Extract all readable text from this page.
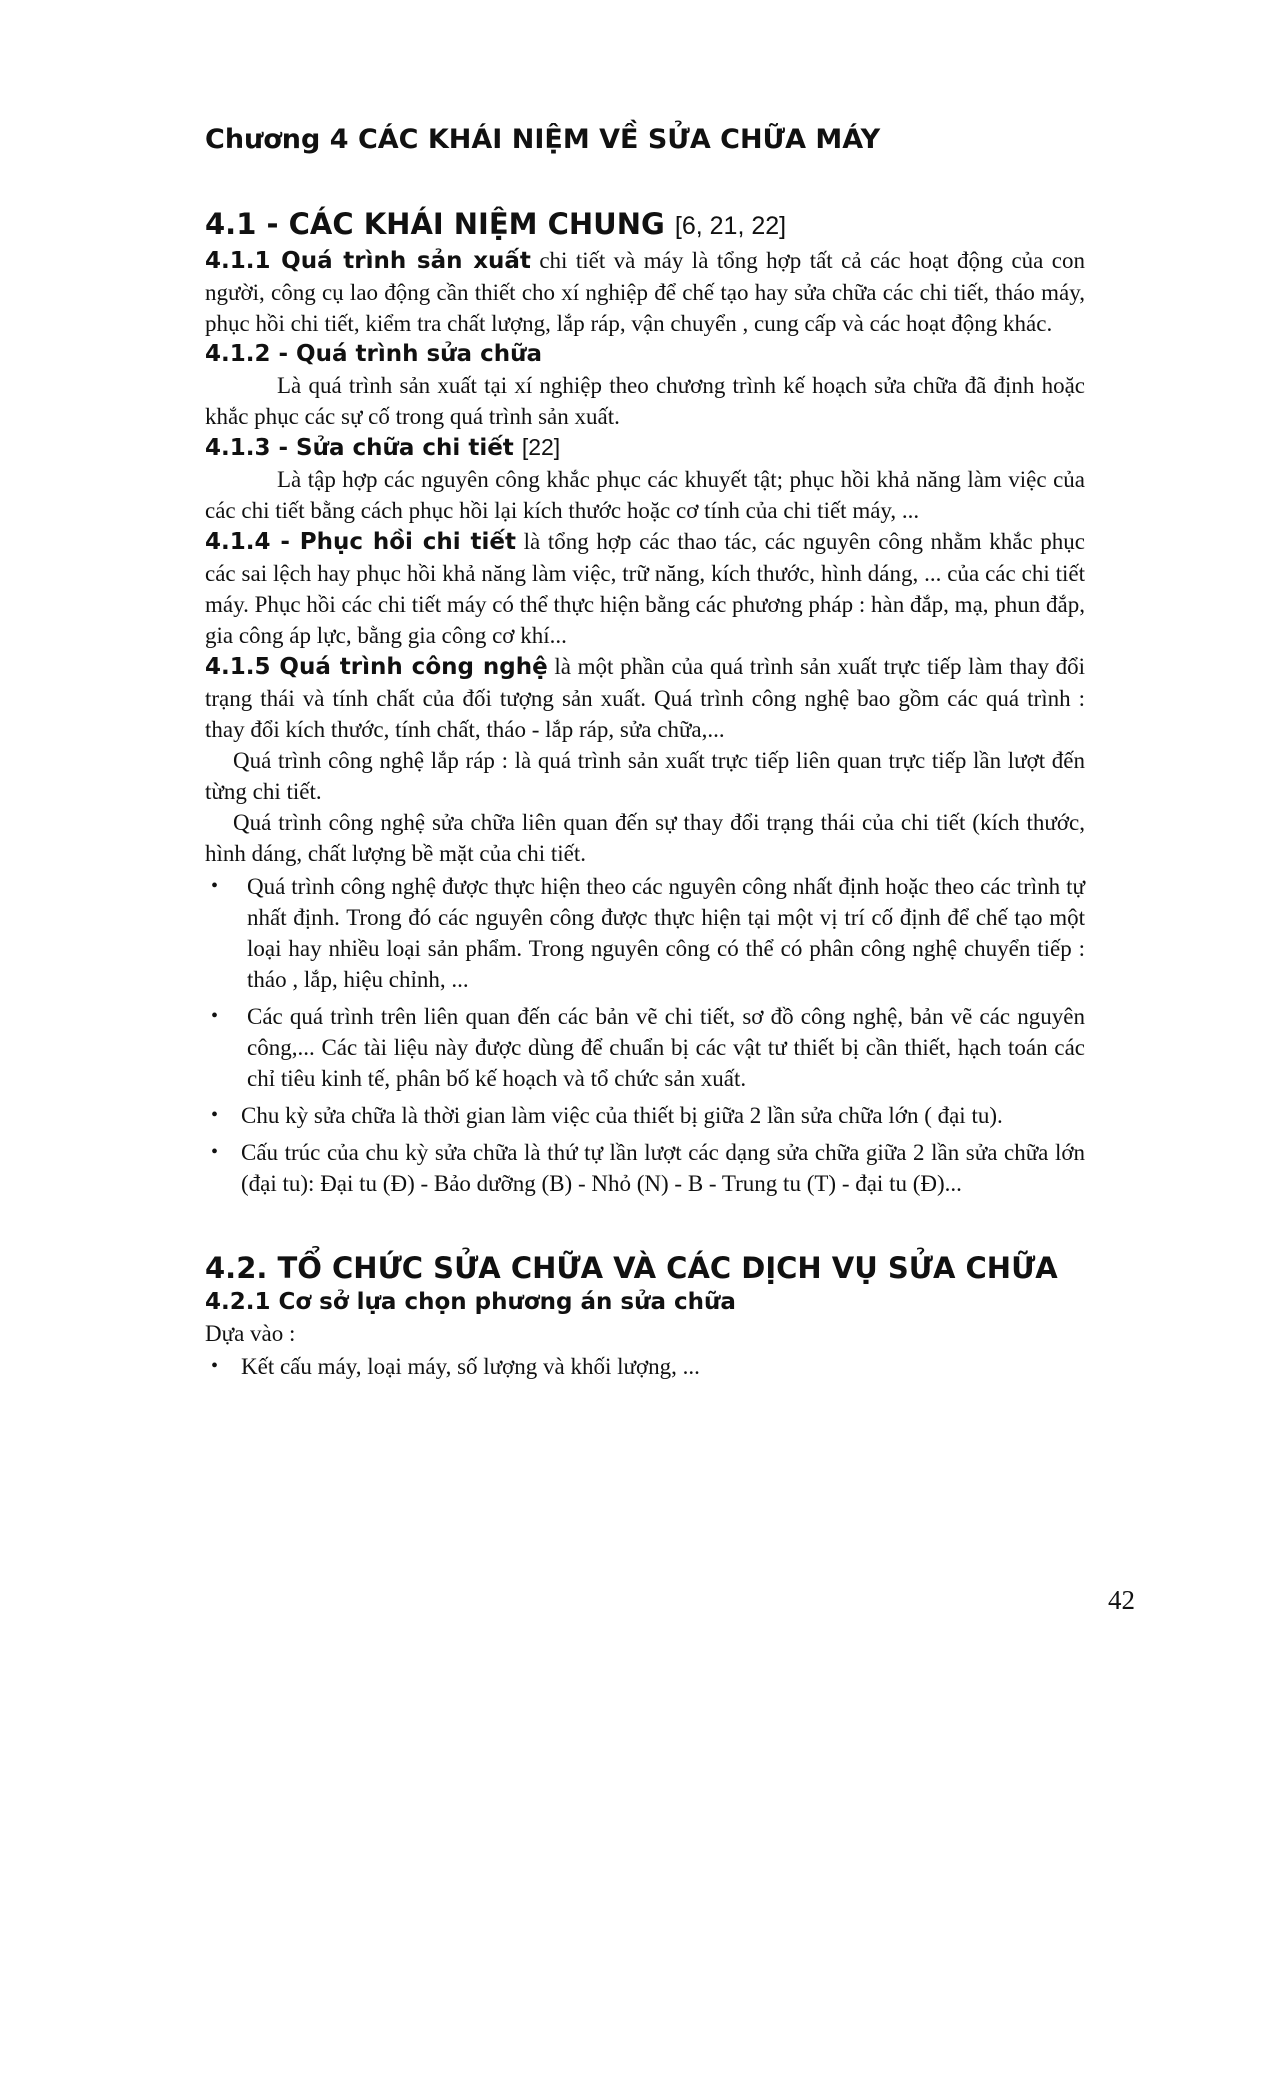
Chương 4 CÁC KHÁI NIỆM VỀ SỬA CHỮA MÁY
4.1 - CÁC KHÁI NIỆM CHUNG [6, 21, 22]

4.1.1 Quá trình sản xuất chi tiết và máy là tổng hợp tất cả các hoạt động của con người, công cụ lao động cần thiết cho xí nghiệp để chế tạo hay sửa chữa các chi tiết, tháo máy, phục hồi chi tiết, kiểm tra chất lượng, lắp ráp, vận chuyển , cung cấp và các hoạt động khác.

4.1.2 - Quá trình sửa chữa

Là quá trình sản xuất tại xí nghiệp theo chương trình kế hoạch sửa chữa đã định hoặc khắc phục các sự cố trong quá trình sản xuất.

4.1.3 - Sửa chữa chi tiết [22]

Là tập hợp các nguyên công khắc phục các khuyết tật; phục hồi khả năng làm việc của các chi tiết bằng cách phục hồi lại kích thước hoặc cơ tính của chi tiết máy, ...

4.1.4 - Phục hồi chi tiết là tổng hợp các thao tác, các nguyên công nhằm khắc phục các sai lệch hay phục hồi khả năng làm việc, trữ năng, kích thước, hình dáng, ... của các chi tiết máy. Phục hồi các chi tiết máy có thể thực hiện bằng các phương pháp : hàn đắp, mạ, phun đắp, gia công áp lực, bằng gia công cơ khí...

4.1.5 Quá trình công nghệ là một phần của quá trình sản xuất trực tiếp làm thay đổi trạng thái và tính chất của đối tượng sản xuất. Quá trình công nghệ bao gồm các quá trình : thay đổi kích thước, tính chất, tháo - lắp ráp, sửa chữa,...

Quá trình công nghệ lắp ráp : là quá trình sản xuất trực tiếp liên quan trực tiếp lần lượt đến từng chi tiết.

Quá trình công nghệ sửa chữa liên quan đến sự thay đổi trạng thái của chi tiết (kích thước, hình dáng, chất lượng bề mặt của chi tiết.

• Quá trình công nghệ được thực hiện theo các nguyên công nhất định hoặc theo các trình tự nhất định. Trong đó các nguyên công được thực hiện tại một vị trí cố định để chế tạo một loại hay nhiều loại sản phẩm. Trong nguyên công có thể có phân công nghệ chuyển tiếp : tháo , lắp, hiệu chỉnh, ...
• Các quá trình trên liên quan đến các bản vẽ chi tiết, sơ đồ công nghệ, bản vẽ các nguyên công,... Các tài liệu này được dùng để chuẩn bị các vật tư thiết bị cần thiết, hạch toán các chỉ tiêu kinh tế, phân bố kế hoạch và tổ chức sản xuất.
• Chu kỳ sửa chữa là thời gian làm việc của thiết bị giữa 2 lần sửa chữa lớn ( đại tu).
• Cấu trúc của chu kỳ sửa chữa là thứ tự lần lượt các dạng sửa chữa giữa 2 lần sửa chữa lớn (đại tu): Đại tu (Đ) - Bảo dưỡng (B) - Nhỏ (N) - B - Trung tu (T) - đại tu (Đ)...
4.2. TỔ CHỨC SỬA CHỮA VÀ CÁC DỊCH VỤ SỬA CHỮA
4.2.1 Cơ sở lựa chọn phương án sửa chữa

Dựa vào :

• Kết cấu máy, loại máy, số lượng và khối lượng, ...
42
